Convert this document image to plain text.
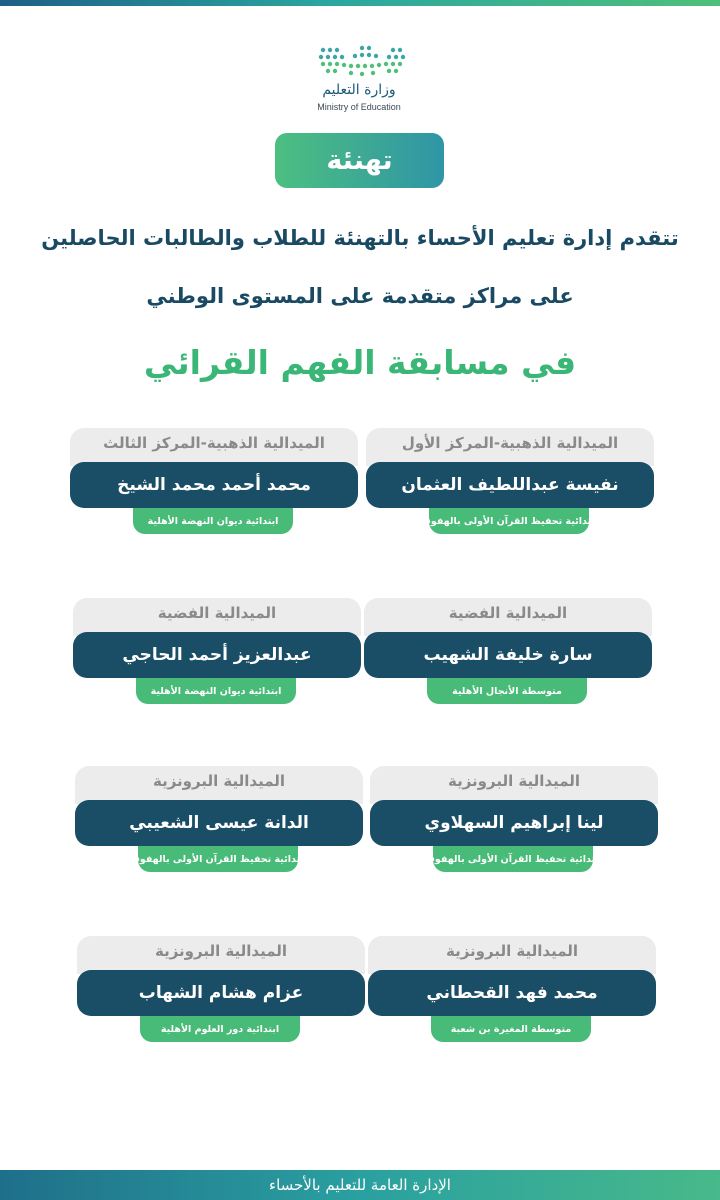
وزارة التعليم
Ministry of Education
تهنئة
تتقدم إدارة تعليم الأحساء بالتهنئة للطلاب والطالبات الحاصلين
على مراكز متقدمة على المستوى الوطني
في مسابقة الفهم القرائي
الميدالية الذهبية-المركز الأول
نفيسة عبداللطيف العثمان
ابتدائية تحفيظ القرآن الأولى بالهفوف
الميدالية الذهبية-المركز الثالث
محمد أحمد محمد الشيخ
ابتدائية ديوان النهضة الأهلية
الميدالية الفضية
سارة خليفة الشهيب
متوسطة الأنجال الأهلية
الميدالية الفضية
عبدالعزيز أحمد الحاجي
ابتدائية ديوان النهضة الأهلية
الميدالية البرونزية
لينا إبراهيم السهلاوي
ابتدائية تحفيظ القرآن الأولى بالهفوف
الميدالية البرونزية
الدانة عيسى الشعيبي
ابتدائية تحفيظ القرآن الأولى بالهفوف
الميدالية البرونزية
محمد فهد القحطاني
متوسطة المغيرة بن شعبة
الميدالية البرونزية
عزام هشام الشهاب
ابتدائية دور العلوم الأهلية
الإدارة العامة للتعليم بالأحساء
